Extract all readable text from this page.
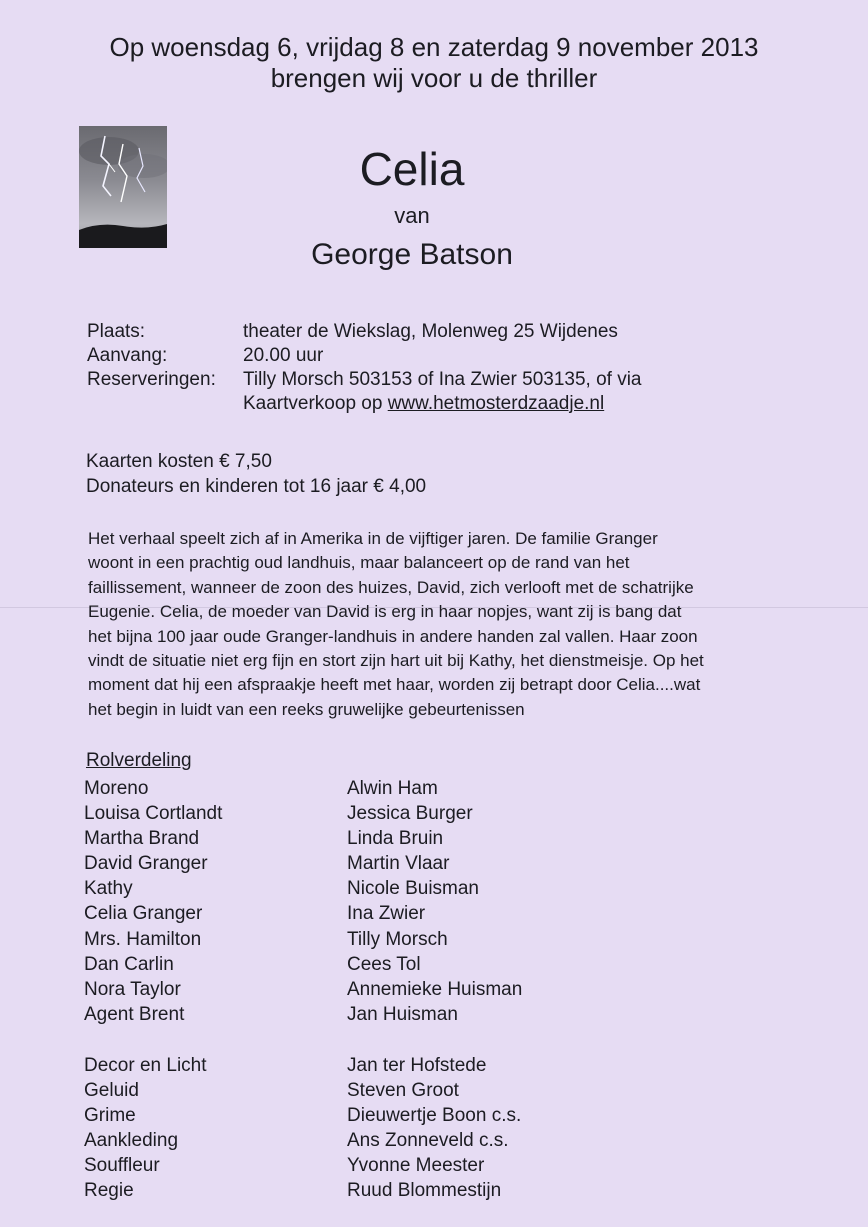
Op woensdag 6, vrijdag 8 en zaterdag 9 november 2013
brengen wij voor u de thriller
Celia
van
George Batson
Plaats:	theater de Wiekslag, Molenweg 25 Wijdenes
Aanvang:	20.00 uur
Reserveringen: Tilly Morsch 503153 of Ina Zwier 503135, of via
Kaartverkoop op www.hetmosterdzaadje.nl
Kaarten kosten € 7,50
Donateurs en kinderen tot 16 jaar € 4,00

Het verhaal speelt zich af in Amerika in de vijftiger jaren. De familie Granger

woont in een prachtig oud landhuis, maar balanceert op de rand van het

faillissement, wanneer de zoon des huizes, David, zich verlooft met de schatrijke

Eugenie. Celia, de moeder van David is erg in haar nopjes, want zij is bang dat

het bijna 100 jaar oude Granger-landhuis in andere handen zal vallen. Haar zoon

vindt de situatie niet erg fijn en stort zijn hart uit bij Kathy, het dienstmeisje. Op het

moment dat hij een afspraakje heeft met haar, worden zij betrapt door Celia....wat

het begin in luidt van een reeks gruwelijke gebeurtenissen

Rolverdeling
Moreno	Alwin Ham
Louisa Cortlandt	Jessica Burger
Martha Brand	Linda Bruin
David Granger	Martin Vlaar
Kathy	Nicole Buisman
Celia Granger	Ina Zwier
Mrs. Hamilton	Tilly Morsch
Dan Carlin	Cees Tol
Nora Taylor	Annemieke Huisman
Agent Brent	Jan Huisman
Decor en Licht	Jan ter Hofstede
Geluid	Steven Groot
Grime	Dieuwertje Boon c.s.
Aankleding	Ans Zonneveld c.s.
Souffleur	Yvonne Meester
Regie	Ruud Blommestijn
